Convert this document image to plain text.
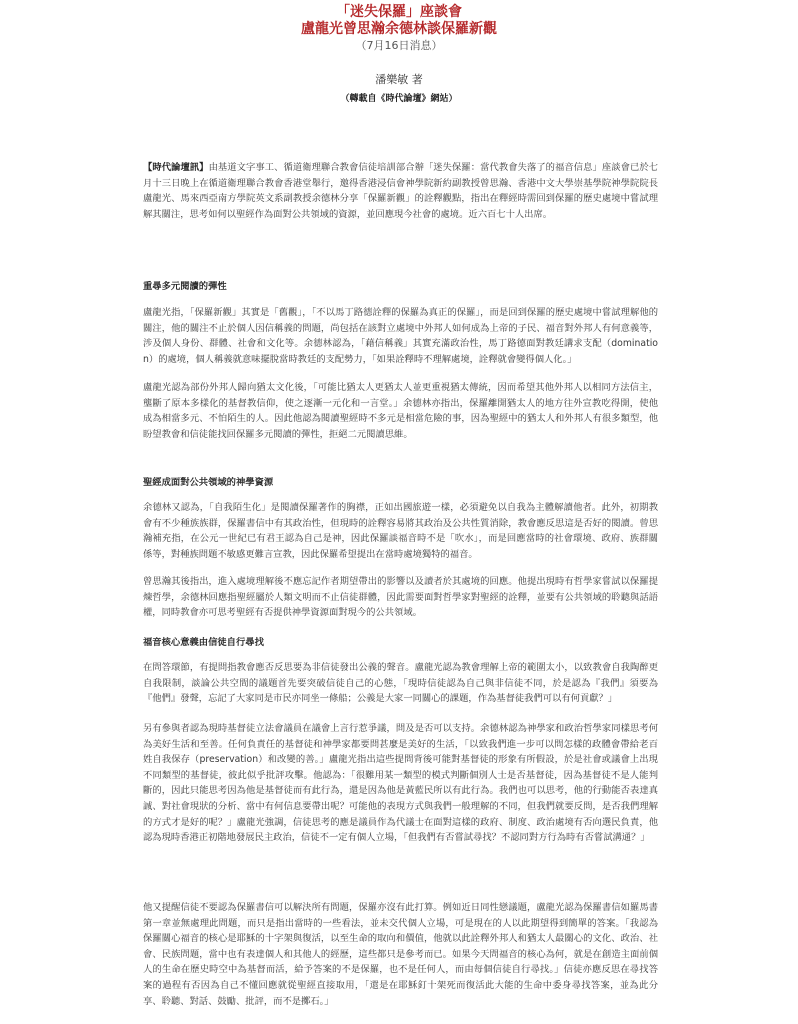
「迷失保羅」座談會
盧龍光曾思瀚余德林談保羅新觀
（7月16日消息）
潘樂敏 著
（轉載自《時代論壇》網站）

【時代論壇訊】由基道文字事工、循道衛理聯合教會信徒培訓部合辦「迷失保羅：當代教會失落了的福音信息」座談會已於七月十三日晚上在循道衛理聯合教會香港堂舉行，邀得香港浸信會神學院新約副教授曾思瀚、香港中文大學崇基學院神學院院長盧龍光、馬來西亞南方學院英文系副教授余德林分享「保羅新觀」的詮釋觀點，指出在釋經時需回到保羅的歷史處境中嘗試理解其關注，思考如何以聖經作為面對公共領域的資源，並回應現今社會的處境。近六百七十人出席。

重尋多元閱讀的彈性

盧龍光指，「保羅新觀」其實是「舊觀」，「不以馬丁路德詮釋的保羅為真正的保羅」，而是回到保羅的歷史處境中嘗試理解他的關注，他的關注不止於個人因信稱義的問題，尚包括在該對立處境中外邦人如何成為上帝的子民、福音對外邦人有何意義等，涉及個人身份、群體、社會和文化等。余德林認為，「藉信稱義」其實充滿政治性，馬丁路德面對教廷講求支配（domination）的處境，個人稱義就意味擺脫當時教廷的支配勢力，「如果詮釋時不理解處境，詮釋就會變得個人化。」

盧龍光認為部份外邦人歸向猶太文化後，「可能比猶太人更猶太人並更重視猶太傳統，因而希望其他外邦人以相同方法信主，壟斷了原本多樣化的基督教信仰，使之逐漸一元化和一言堂。」余德林亦指出，保羅離開猶太人的地方往外宣教吃得開，使他成為相當多元、不怕陌生的人。因此他認為閱讀聖經時不多元是相當危險的事，因為聖經中的猶太人和外邦人有很多類型，他盼望教會和信徒能找回保羅多元閱讀的彈性，拒絕二元閱讀思維。

聖經成面對公共領域的神學資源

余德林又認為，「自我陌生化」是閱讀保羅著作的胸襟，正如出國旅遊一樣，必須避免以自我為主體解讀他者。此外，初期教會有不少種族族群，保羅書信中有其政治性，但現時的詮釋容易將其政治及公共性質消除，教會應反思這是否好的閱讀。曾思瀚補充指，在公元一世紀已有君王認為自己是神，因此保羅談福音時不是「吹水」，而是回應當時的社會環境、政府、族群關係等，對種族問題不敏感更難言宣教，因此保羅希望提出在當時處境獨特的福音。

曾思瀚其後指出，進入處境理解後不應忘記作者期望帶出的影響以及讀者於其處境的回應。他提出現時有哲學家嘗試以保羅提煉哲學，余德林回應指聖經屬於人類文明而不止信徒群體，因此需要面對哲學家對聖經的詮釋，並要有公共領域的聆聽與話語權，同時教會亦可思考聖經有否提供神學資源面對現今的公共領域。

福音核心意義由信徒自行尋找

在問答環節，有提問指教會應否反思要為非信徒發出公義的聲音。盧龍光認為教會理解上帝的範圍太小，以致教會自我陶醉更自我限制，談論公共空間的議題首先要突破信徒自己的心態，「現時信徒認為自己與非信徒不同，於是認為『我們』須要為『他們』發聲，忘記了大家同是市民亦同坐一條船；公義是大家一同關心的課題，作為基督徒我們可以有何貢獻？」

另有參與者認為現時基督徒立法會議員在議會上言行惹爭議，問及是否可以支持。余德林認為神學家和政治哲學家同樣思考何為美好生活和至善。任何負責任的基督徒和神學家都要問甚麼是美好的生活，「以致我們進一步可以問怎樣的政體會帶給老百姓自我保存（preservation）和改變的善。」盧龍光指出這些提問背後可能對基督徒的形象有所假設，於是社會或議會上出現不同類型的基督徒，彼此似乎批評攻擊。他認為：「很難用某一類型的模式判斷個別人士是否基督徒，因為基督徒不是人能判斷的，因此只能思考因為他是基督徒而有此行為，還是因為他是黃藍民所以有此行為。我們也可以思考，他的行動能否表達真誠、對社會現狀的分析、當中有何信息要帶出呢？可能他的表現方式與我們一般理解的不同，但我們就要反問，是否我們理解的方式才是好的呢？」盧龍光強調，信徒思考的應是議員作為代議士在面對這樣的政府、制度、政治處境有否向選民負責，他認為現時香港正初階地發展民主政治，信徒不一定有個人立場，「但我們有否嘗試尋找？不認同對方行為時有否嘗試溝通？」

他又提醒信徒不要認為保羅書信可以解決所有問題，保羅亦沒有此打算。例如近日同性戀議題，盧龍光認為保羅書信如羅馬書第一章並無處理此問題，而只是指出當時的一些看法，並未交代個人立場，可是現在的人以此期望得到簡單的答案。「我認為保羅關心福音的核心是耶穌的十字架與復活，以至生命的取向和價值，他就以此詮釋外邦人和猶太人最關心的文化、政治、社會、民族問題，當中也有表達個人和其他人的經歷，這些都只是參考而已。如果今天問福音的核心為何，就是在創造主面前個人的生命在歷史時空中為基督而活，給予答案的不是保羅，也不是任何人，而由每個信徒自行尋找。」信徒亦應反思在尋找答案的過程有否因為自己不懂回應就從聖經直接取用，「還是在耶穌釘十架死而復活此大能的生命中委身尋找答案，並為此分享、聆聽、對話、鼓勵、批評，而不是擲石。」
